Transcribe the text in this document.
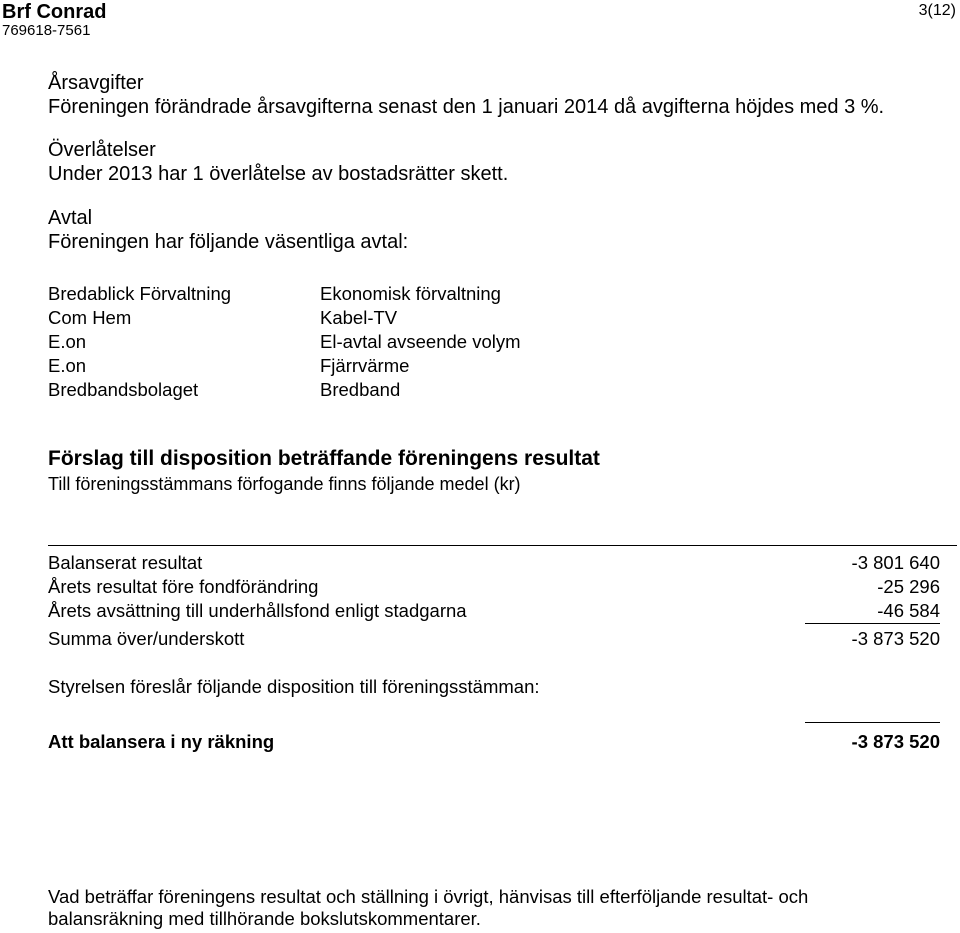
Brf Conrad
769618-7561
3(12)
Årsavgifter
Föreningen förändrade årsavgifterna senast den 1 januari 2014 då avgifterna höjdes med 3 %.
Överlåtelser
Under 2013 har 1 överlåtelse av bostadsrätter skett.
Avtal
Föreningen har följande väsentliga avtal:
Bredablick Förvaltning	Ekonomisk förvaltning
Com Hem	Kabel-TV
E.on	El-avtal avseende volym
E.on	Fjärrvärme
Bredbandsbolaget	Bredband
Förslag till disposition beträffande föreningens resultat
Till föreningsstämmans förfogande finns följande medel (kr)
Balanserat resultat	-3 801 640
Årets resultat före fondförändring	-25 296
Årets avsättning till underhållsfond enligt stadgarna	-46 584
Summa över/underskott	-3 873 520
Styrelsen föreslår följande disposition till föreningsstämman:
Att balansera i ny räkning	-3 873 520
Vad beträffar föreningens resultat och ställning i övrigt, hänvisas till efterföljande resultat- och
balansräkning med tillhörande bokslutskommentarer.
